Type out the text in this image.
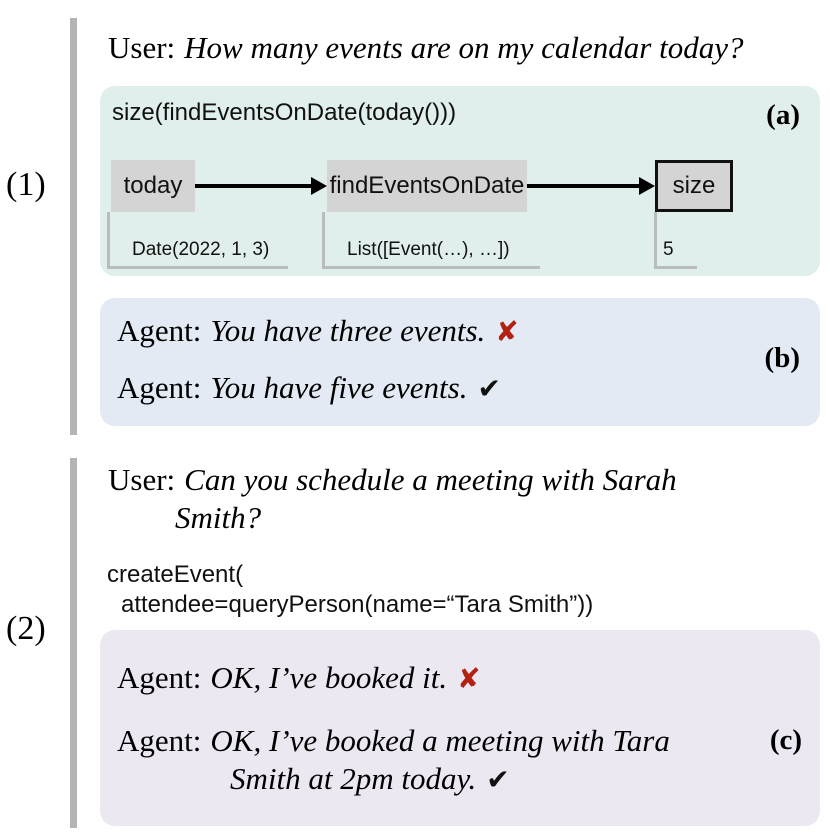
(1)
User: How many events are on my calendar today?
size(findEventsOnDate(today()))	(a)
today	findEventsOnDate	size
Date(2022, 1, 3)	List([Event(…), …])	5
Agent: You have three events. ✘
Agent: You have five events. ✔
(b)
(2)
User: Can you schedule a meeting with Sarah
Smith?
createEvent(
attendee=queryPerson(name=“Tara Smith”))
Agent: OK, I’ve booked it. ✘
Agent: OK, I’ve booked a meeting with Tara
Smith at 2pm today. ✔
(c)
